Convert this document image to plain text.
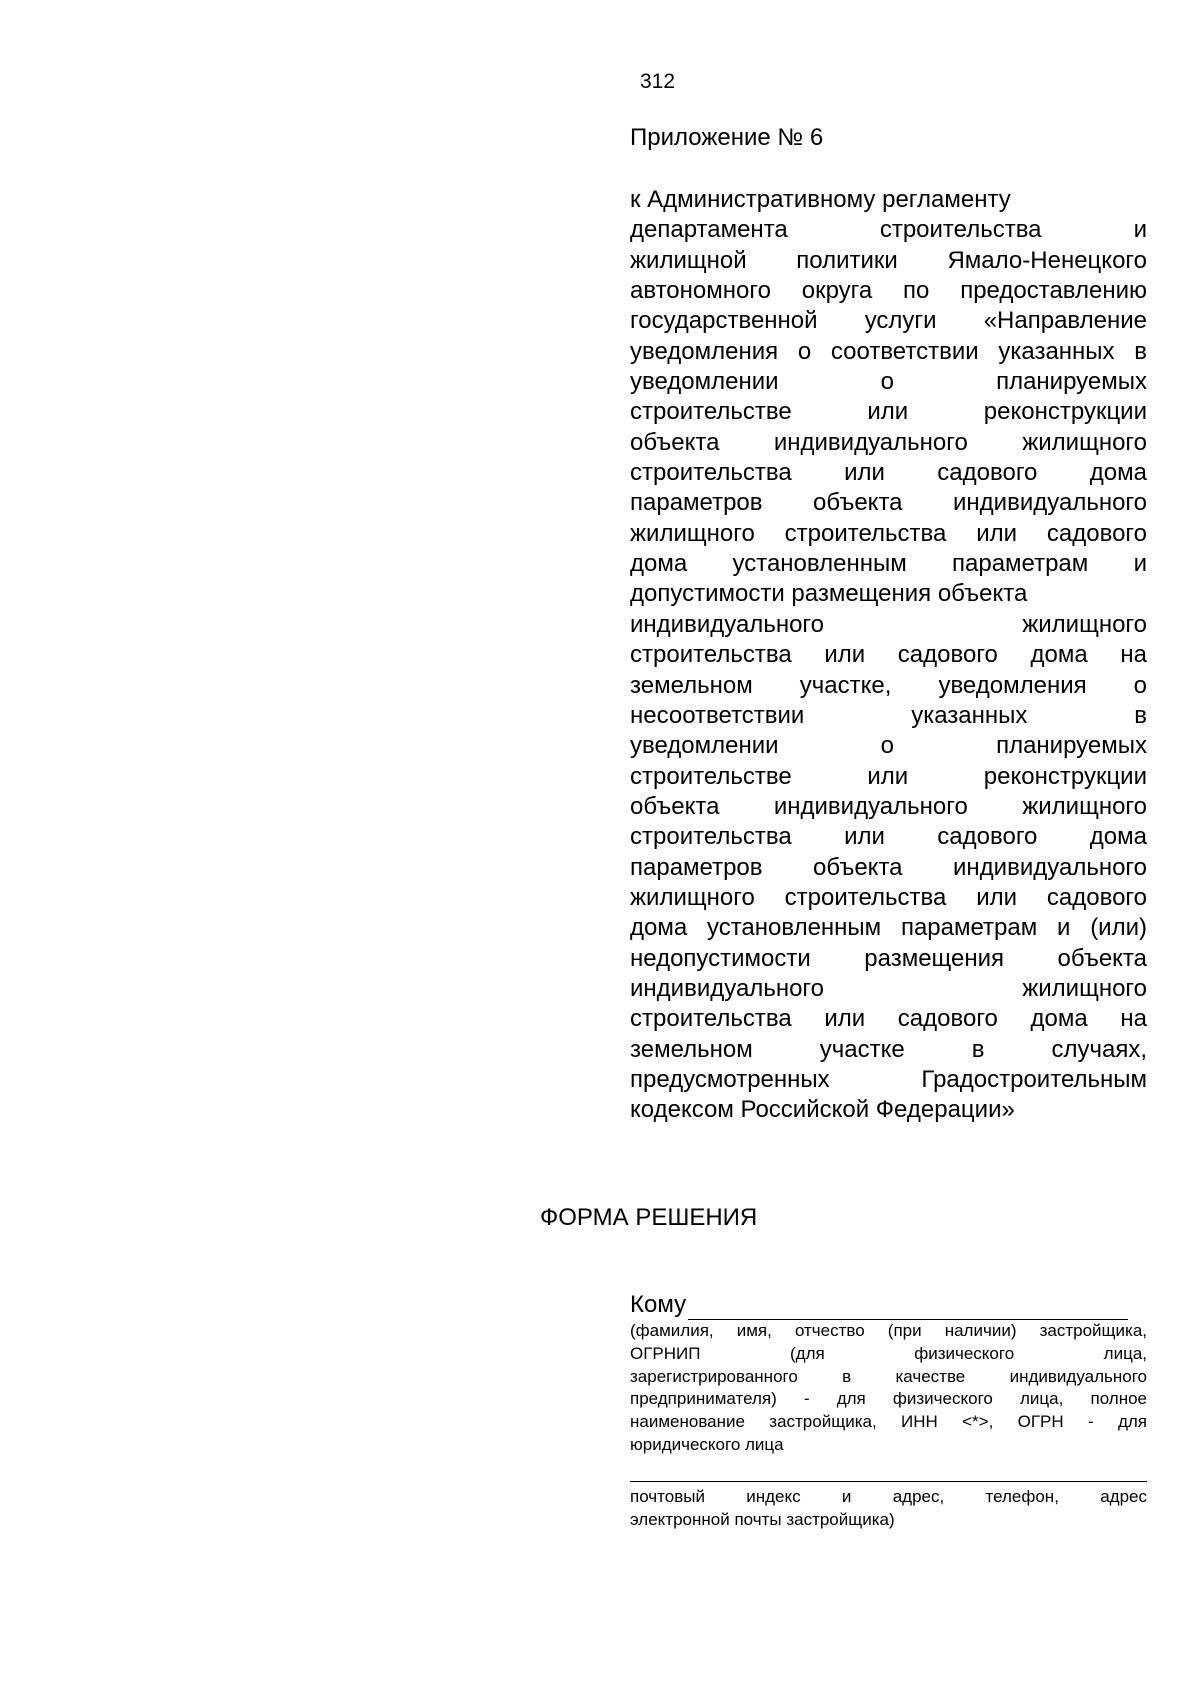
312
Приложение № 6
к Административному регламенту
департамента строительства и
жилищной политики Ямало-Ненецкого
автономного округа по предоставлению
государственной услуги «Направление
уведомления о соответствии указанных в
уведомлении о планируемых
строительстве или реконструкции
объекта индивидуального жилищного
строительства или садового дома
параметров объекта индивидуального
жилищного строительства или садового
дома установленным параметрам и
допустимости размещения объекта
индивидуального жилищного
строительства или садового дома на
земельном участке, уведомления о
несоответствии указанных в
уведомлении о планируемых
строительстве или реконструкции
объекта индивидуального жилищного
строительства или садового дома
параметров объекта индивидуального
жилищного строительства или садового
дома установленным параметрам и (или)
недопустимости размещения объекта
индивидуального жилищного
строительства или садового дома на
земельном участке в случаях,
предусмотренных Градостроительным
кодексом Российской Федерации»
ФОРМА РЕШЕНИЯ
Кому
(фамилия, имя, отчество (при наличии) застройщика,
ОГРНИП (для физического лица,
зарегистрированного в качестве индивидуального
предпринимателя) - для физического лица, полное
наименование застройщика, ИНН <*>, ОГРН - для
юридического лица
почтовый индекс и адрес, телефон, адрес
электронной почты застройщика)
